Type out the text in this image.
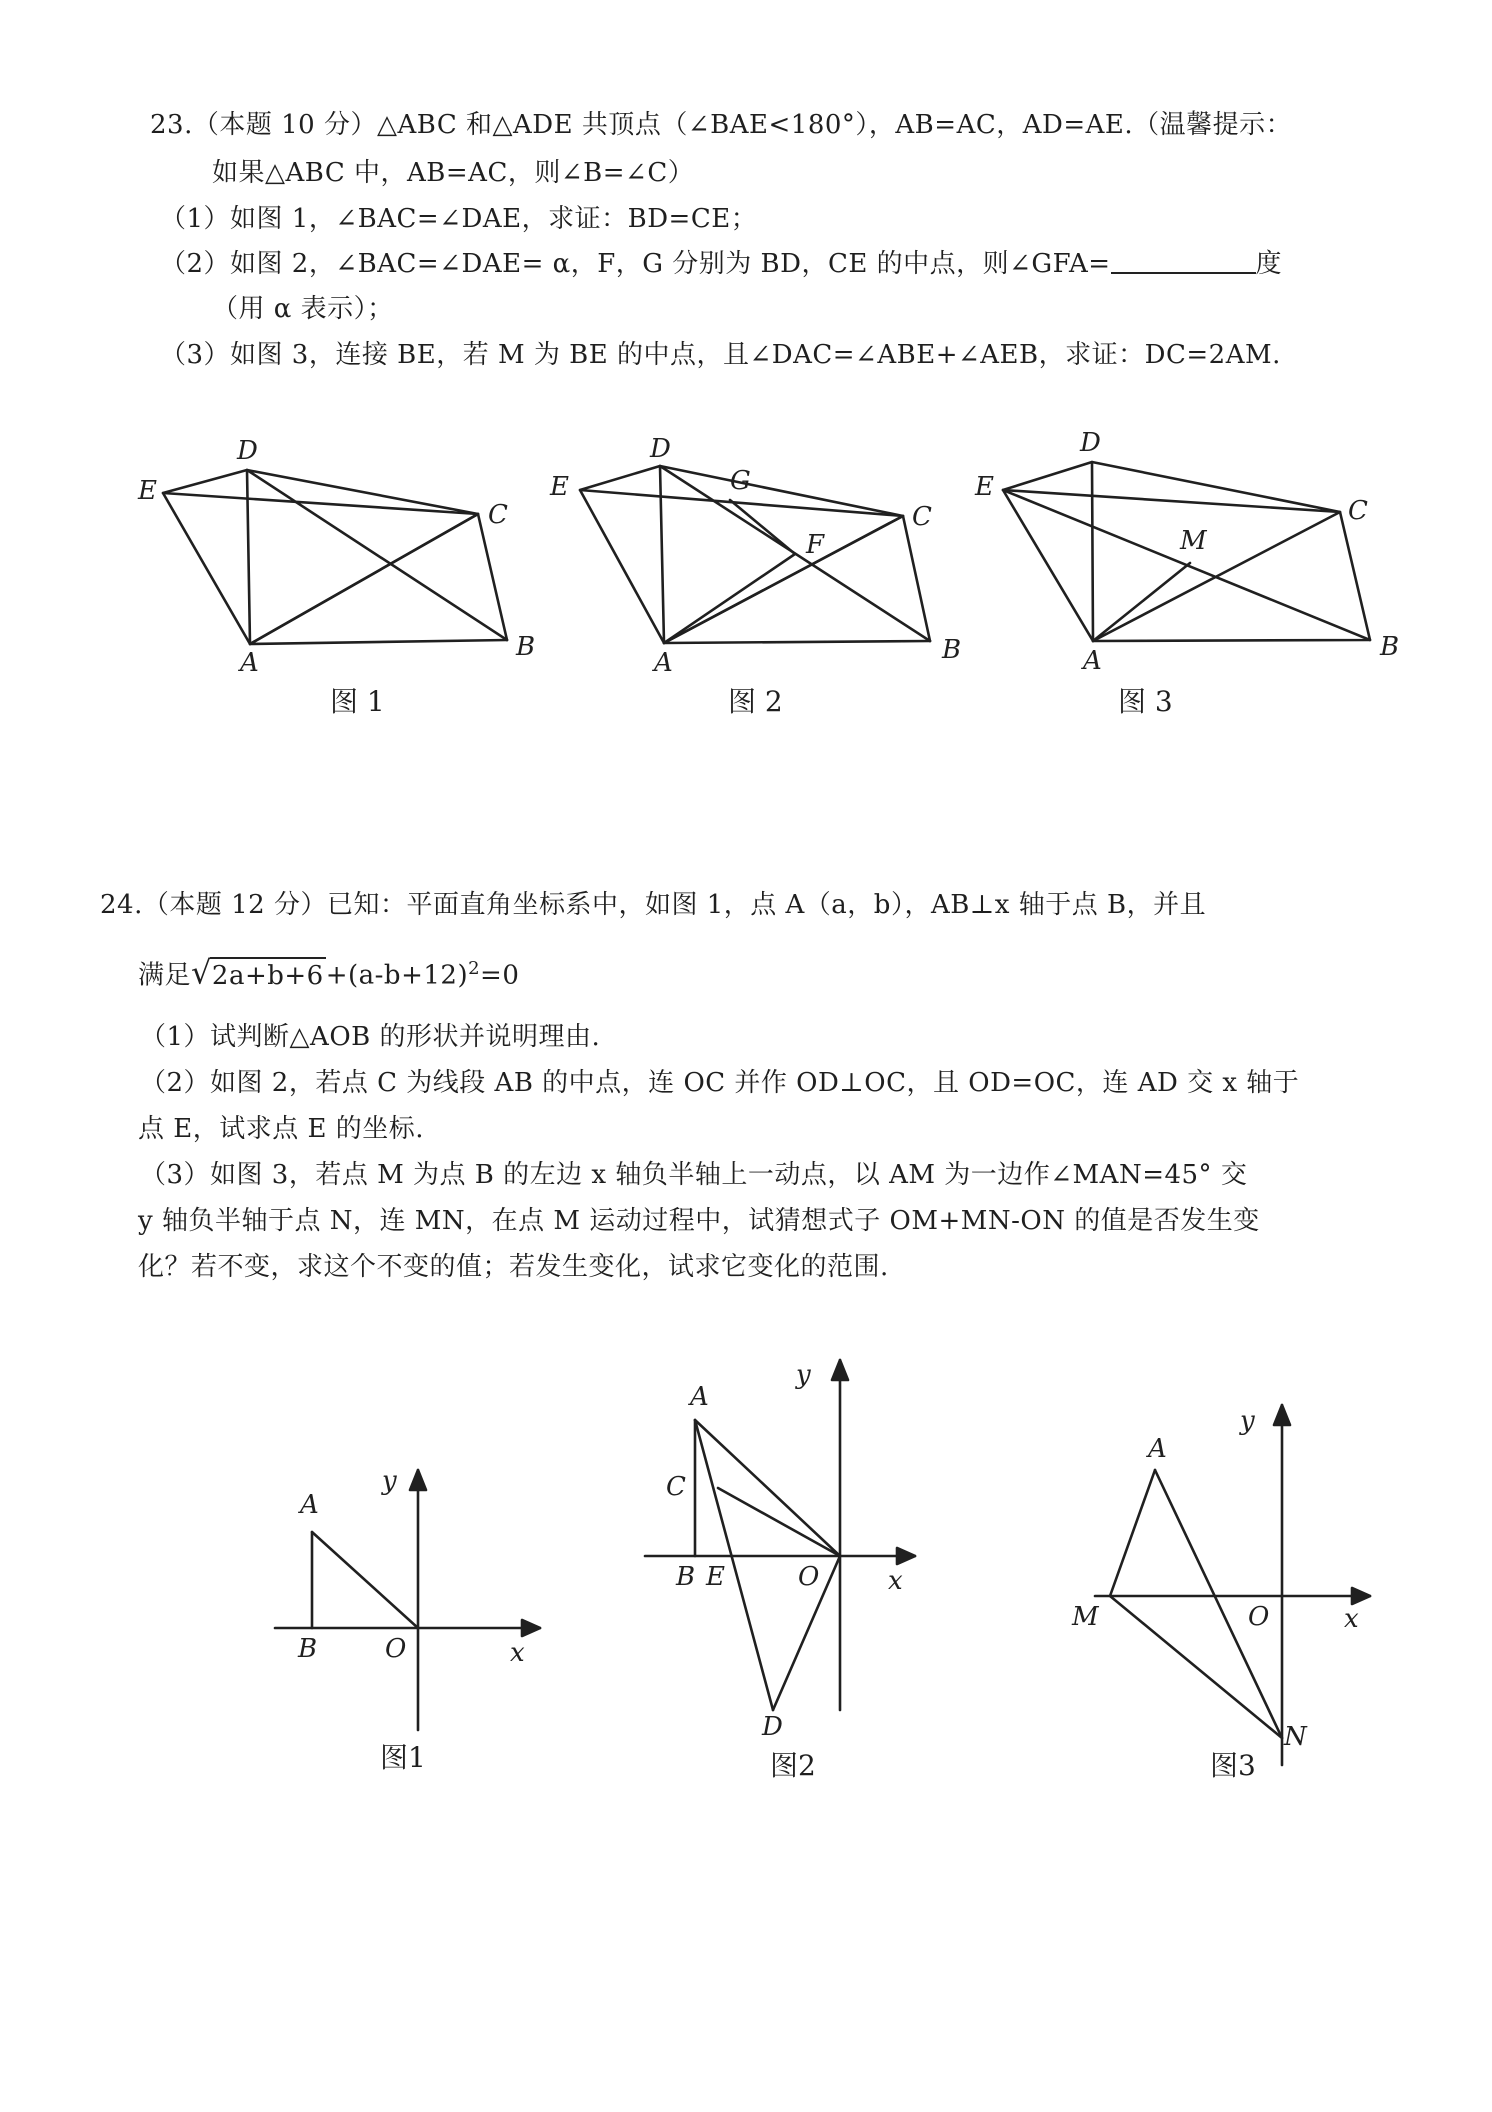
23.（本题 10 分）△ABC 和△ADE 共顶点（∠BAE<180°），AB=AC，AD=AE.（温馨提示：
如果△ABC 中，AB=AC，则∠B=∠C）
（1）如图 1，∠BAC=∠DAE，求证：BD=CE；
（2）如图 2，∠BAC=∠DAE= α，F，G 分别为 BD，CE 的中点，则∠GFA=	度
（用 α 表示）；
（3）如图 3，连接 BE，若 M 为 BE 的中点，且∠DAC=∠ABE+∠AEB，求证：DC=2AM.
D
E
C
A
B
图 1
D
E	G
F
C
A	B
图 2
D
E
M
C
A	B
图 3
24.（本题 12 分）已知：平面直角坐标系中，如图 1，点 A（a，b），AB⊥x 轴于点 B，并且
满足$√2a+b+6+(a-b+12)^2=0$
（1）试判断△AOB 的形状并说明理由.
（2）如图 2，若点 C 为线段 AB 的中点，连 OC 并作 OD⊥OC，且 OD=OC，连 AD 交 x 轴于
点 E，试求点 E 的坐标.
（3）如图 3，若点 M 为点 B 的左边 x 轴负半轴上一动点，以 AM 为一边作∠MAN=45° 交
y 轴负半轴于点 N，连 MN，在点 M 运动过程中，试猜想式子 OM+MN-ON 的值是否发生变
化？若不变，求这个不变的值；若发生变化，试求它变化的范围.
A
B	O
y
x
图1
A
C
B E	O
y
x
D
图2
A
M	O
y
x
N
图3
